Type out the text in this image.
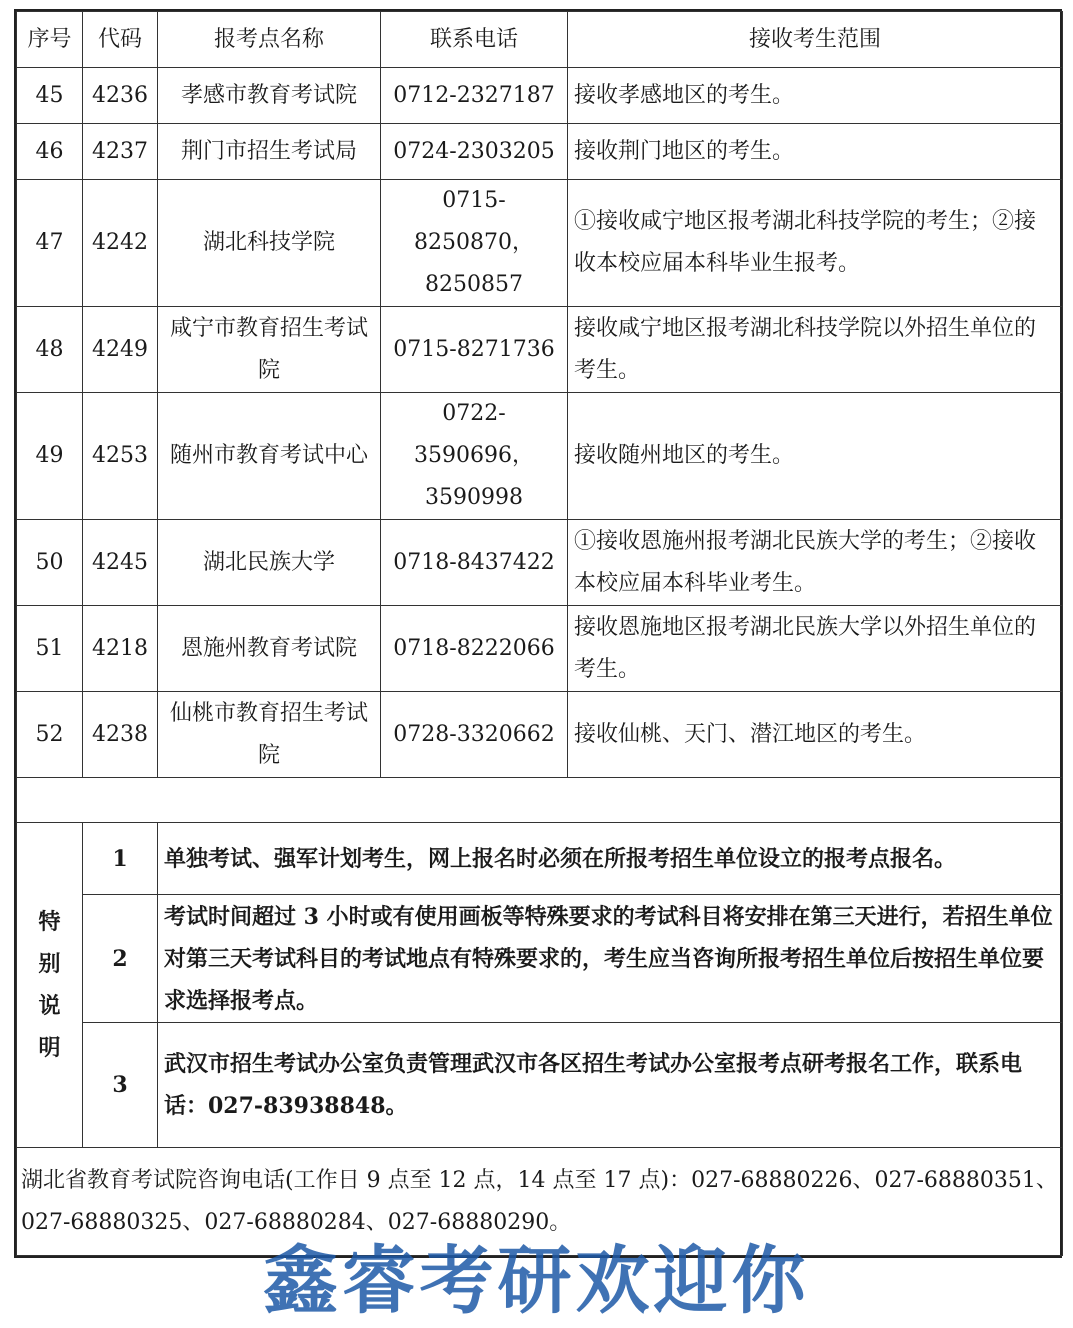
序号	代码	报考点名称	联系电话	接收考生范围
45	4236	孝感市教育考试院	0712-2327187	接收孝感地区的考生。
46	4237	荆门市招生考试局	0724-2303205	接收荆门地区的考生。
47	4242	湖北科技学院	0715-8250870，8250857	①接收咸宁地区报考湖北科技学院的考生；②接收本校应届本科毕业生报考。
48	4249	咸宁市教育招生考试院	0715-8271736	接收咸宁地区报考湖北科技学院以外招生单位的考生。
49	4253	随州市教育考试中心	0722-3590696，3590998	接收随州地区的考生。
50	4245	湖北民族大学	0718-8437422	①接收恩施州报考湖北民族大学的考生；②接收本校应届本科毕业考生。
51	4218	恩施州教育考试院	0718-8222066	接收恩施地区报考湖北民族大学以外招生单位的考生。
52	4238	仙桃市教育招生考试院	0728-3320662	接收仙桃、天门、潜江地区的考生。

特别说明	1	单独考试、强军计划考生，网上报名时必须在所报考招生单位设立的报考点报名。		
	2	考试时间超过 3 小时或有使用画板等特殊要求的考试科目将安排在第三天进行，若招生单位对第三天考试科目的考试地点有特殊要求的，考生应当咨询所报考招生单位后按招生单位要求选择报考点。		
	3	武汉市招生考试办公室负责管理武汉市各区招生考试办公室报考点研考报名工作，联系电话：027-83938848。		
湖北省教育考试院咨询电话(工作日 9 点至 12 点，14 点至 17 点)：027-68880226、027-68880351、027-68880325、027-68880284、027-68880290。				
鑫睿考研欢迎你
